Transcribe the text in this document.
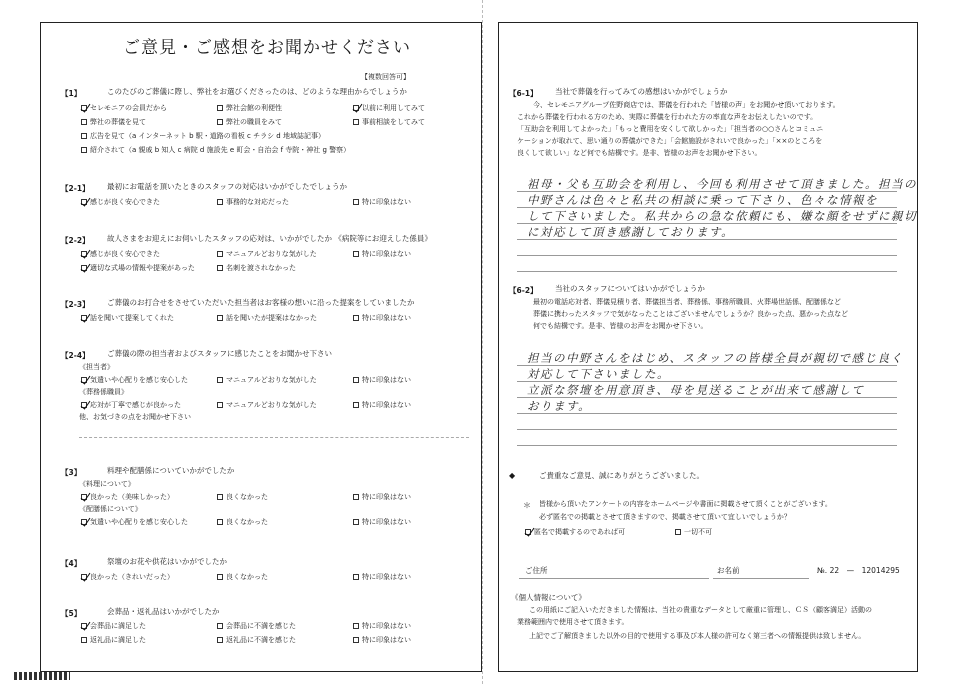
ご意見・ご感想をお聞かせください
【複数回答可】
【1】	このたびのご葬儀に際し、弊社をお選びくださったのは、どのような理由からでしょうか
セレモニアの会員だから	弊社会館の利便性	以前に利用してみて
弊社の葬儀を見て	弊社の職員をみて	事前相談をしてみて
広告を見て（a インターネット b 駅・道路の看板 c チラシ d 地域誌記事）
紹介されて（a 親戚 b 知人 c 病院 d 施設先 e 町会・自治会 f 寺院・神社 g 警察）
【2-1】 最初にお電話を頂いたときのスタッフの対応はいかがでしたでしょうか
感じが良く安心できた	事務的な対応だった	特に印象はない
【2-2】 故人さまをお迎えにお伺いしたスタッフの応対は、いかがでしたか 《病院等にお迎えした係員》
感じが良く安心できた	マニュアルどおりな気がした	特に印象はない
適切な式場の情報や提案があった	名刺を渡されなかった
【2-3】 ご葬儀のお打合せをさせていただいた担当者はお客様の想いに沿った提案をしていましたか
話を聞いて提案してくれた	話を聞いたが提案はなかった	特に印象はない
【2-4】 ご葬儀の際の担当者およびスタッフに感じたことをお聞かせ下さい
《担当者》
気遣いや心配りを感じ安心した	マニュアルどおりな気がした	特に印象はない
《葬務係職員》
応対が丁寧で感じが良かった	マニュアルどおりな気がした	特に印象はない
他、お気づきの点をお聞かせ下さい
【3】	料理や配膳係についていかがでしたか
《料理について》
良かった（美味しかった）	良くなかった	特に印象はない
《配膳係について》
気遣いや心配りを感じ安心した	良くなかった	特に印象はない
【4】	祭壇のお花や供花はいかがでしたか
良かった（きれいだった）	良くなかった	特に印象はない
【5】	会葬品・返礼品はいかがでしたか
会葬品に満足した	会葬品に不満を感じた	特に印象はない
返礼品に満足した	返礼品に不満を感じた	特に印象はない
【6-1】 当社で葬儀を行ってみての感想はいかがでしょうか
今、セレモニアグループ佐野商店では、葬儀を行われた「皆様の声」をお聞かせ頂いております。
これから葬儀を行われる方のため、実際に葬儀を行われた方の率直な声をお伝えしたいのです。
「互助会を利用してよかった」「もっと費用を安くして欲しかった」「担当者の○○さんとコミュニ
ケーションが取れて、思い通りの葬儀ができた」「会館施設がきれいで良かった」「××のところを
良くして欲しい」など何でも結構です。是非、皆様のお声をお聞かせ下さい。
祖母・父も互助会を利用し、今回も利用させて頂きました。担当の
中野さんは色々と私共の相談に乗って下さり、色々な情報を
して下さいました。私共からの急な依頼にも、嫌な顔をせずに親切
に対応して頂き感謝しております。
【6-2】 当社のスタッフについてはいかがでしょうか
最初の電話応対者、葬儀見積り者、葬儀担当者、葬務係、事務所職員、火葬場世話係、配膳係など
葬儀に携わったスタッフで気がなったことはございませんでしょうか？良かった点、悪かった点など
何でも結構です。是非、皆様のお声をお聞かせ下さい。
担当の中野さんをはじめ、スタッフの皆様全員が親切で感じ良く
対応して下さいました。
立派な祭壇を用意頂き、母を見送ることが出来て感謝して
おります。
◆	ご貴重なご意見、誠にありがとうございました。
＊ 皆様から頂いたアンケートの内容をホームページや書面に掲載させて頂くことがございます。
必ず匿名での掲載とさせて頂きますので、掲載させて頂いて宜しいでしょうか？
匿名で掲載するのであれば可	一切不可
ご住所	お名前	№. 22　—　12014295
《個人情報について》
この用紙にご記入いただきました情報は、当社の貴重なデータとして厳重に管理し、ＣＳ（顧客満足）活動の
業務範囲内で使用させて頂きます。
上記でご了解頂きました以外の目的で使用する事及び本人様の許可なく第三者への情報提供は致しません。
